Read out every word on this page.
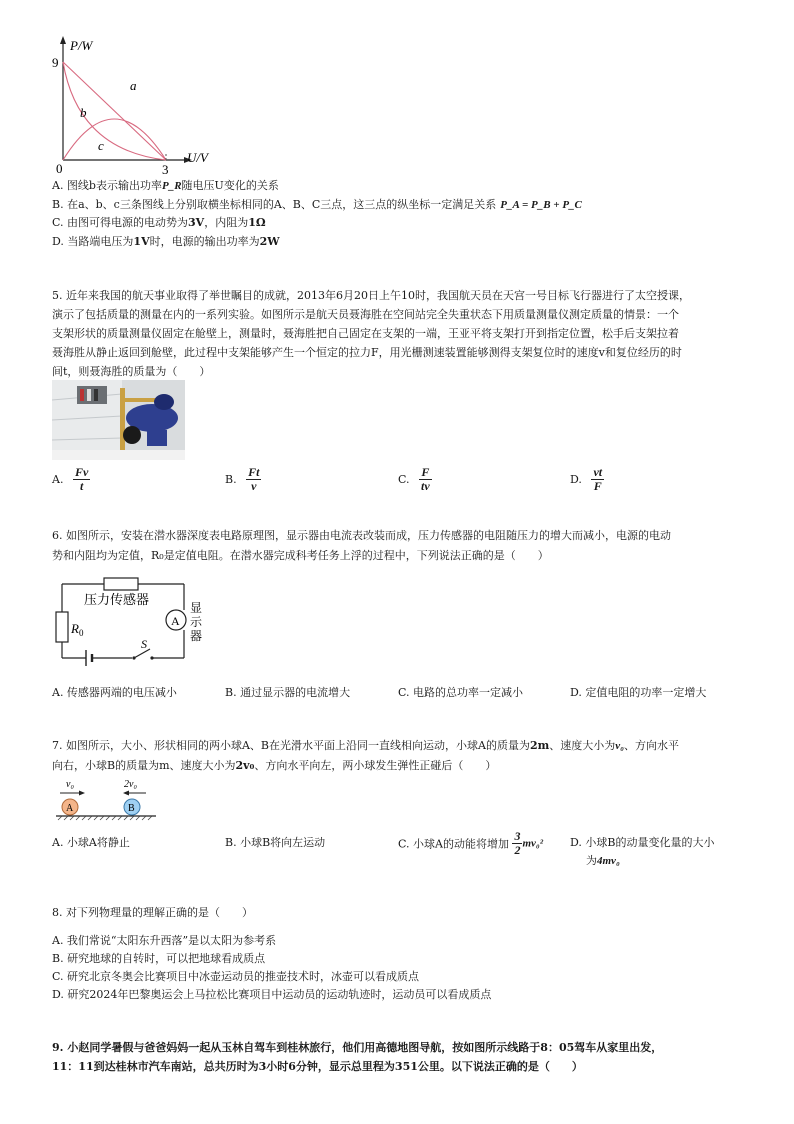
P/W
U/V
9
3
0
a
b
c
A. 图线b表示输出功率P_R随电压U变化的关系
B. 在a、b、c三条图线上分别取横坐标相同的A、B、C三点，这三点的纵坐标一定满足关系 P_A = P_B + P_C
C. 由图可得电源的电动势为3V，内阻为1Ω
D. 当路端电压为1V时，电源的输出功率为2W
5. 近年来我国的航天事业取得了举世瞩目的成就，2013年6月20日上午10时，我国航天员在天宫一号目标飞行器进行了太空授课，
演示了包括质量的测量在内的一系列实验。如图所示是航天员聂海胜在空间站完全失重状态下用质量测量仪测定质量的情景：一个
支架形状的质量测量仪固定在舱壁上，测量时，聂海胜把自己固定在支架的一端，王亚平将支架打开到指定位置，松手后支架拉着
聂海胜从静止返回到舱壁，此过程中支架能够产生一个恒定的拉力F，用光栅测速装置能够测得支架复位时的速度v和复位经历的时
间t，则聂海胜的质量为（　　）
A. $\frac{Fv}{t}$	B. $\frac{Ft}{v}$	C. $\frac{F}{tv}$	D. $\frac{vt}{F}$
6. 如图所示，安装在潜水器深度表电路原理图，显示器由电流表改装而成，压力传感器的电阻随压力的增大而减小，电源的电动
势和内阻均为定值，R₀是定值电阻。在潜水器完成科考任务上浮的过程中，下列说法正确的是（　　）
压力传感器
$R_0$
A
显
示
器
S
A. 传感器两端的电压减小	B. 通过显示器的电流增大	C. 电路的总功率一定减小	D. 定值电阻的功率一定增大
7. 如图所示，大小、形状相同的两小球A、B在光滑水平面上沿同一直线相向运动，小球A的质量为2m、速度大小为v₀、方向水平
向右，小球B的质量为m、速度大小为2v₀、方向水平向左，两小球发生弹性正碰后（　　）
v₀	2v₀
A	B
A. 小球A将静止	B. 小球B将向左运动	C. 小球A的动能将增加 $\frac{3}{2} mv_0^2$ D. 小球B的动量变化量的大小
为4mv₀
8. 对下列物理量的理解正确的是（　　）
A. 我们常说“太阳东升西落”是以太阳为参考系
B. 研究地球的自转时，可以把地球看成质点
C. 研究北京冬奥会比赛项目中冰壶运动员的推壶技术时，冰壶可以看成质点
D. 研究2024年巴黎奥运会上马拉松比赛项目中运动员的运动轨迹时，运动员可以看成质点
9. 小赵同学暑假与爸爸妈妈一起从玉林自驾车到桂林旅行，他们用高德地图导航，按如图所示线路于8：05驾车从家里出发，
11：11到达桂林市汽车南站，总共历时为3小时6分钟，显示总里程为351公里。以下说法正确的是（　　）
